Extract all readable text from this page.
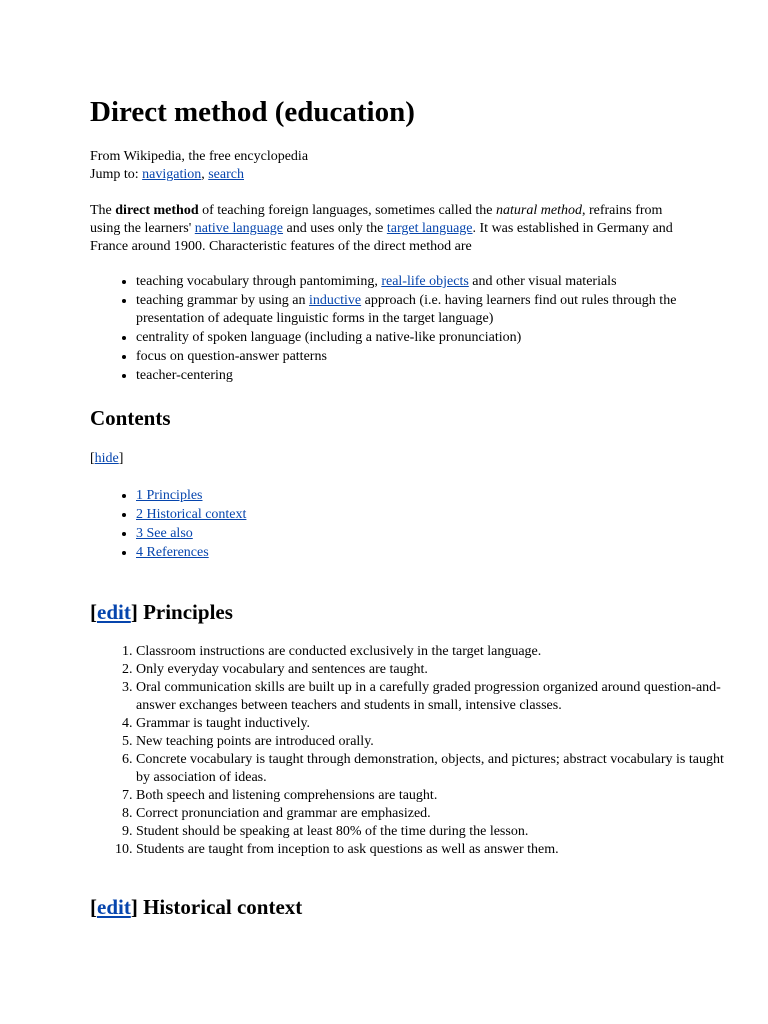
Direct method (education)
From Wikipedia, the free encyclopedia
Jump to: navigation, search

The direct method of teaching foreign languages, sometimes called the natural method, refrains from using the learners' native language and uses only the target language. It was established in Germany and France around 1900. Characteristic features of the direct method are

• teaching vocabulary through pantomiming, real-life objects and other visual materials
• teaching grammar by using an inductive approach (i.e. having learners find out rules through the presentation of adequate linguistic forms in the target language)
• centrality of spoken language (including a native-like pronunciation)
• focus on question-answer patterns
• teacher-centering
Contents
[hide]
• 1 Principles
• 2 Historical context
• 3 See also
• 4 References
[edit] Principles
1. Classroom instructions are conducted exclusively in the target language.
2. Only everyday vocabulary and sentences are taught.
3. Oral communication skills are built up in a carefully graded progression organized around question-and-answer exchanges between teachers and students in small, intensive classes.
4. Grammar is taught inductively.
5. New teaching points are introduced orally.
6. Concrete vocabulary is taught through demonstration, objects, and pictures; abstract vocabulary is taught by association of ideas.
7. Both speech and listening comprehensions are taught.
8. Correct pronunciation and grammar are emphasized.
9. Student should be speaking at least 80% of the time during the lesson.
10. Students are taught from inception to ask questions as well as answer them.
[edit] Historical context
